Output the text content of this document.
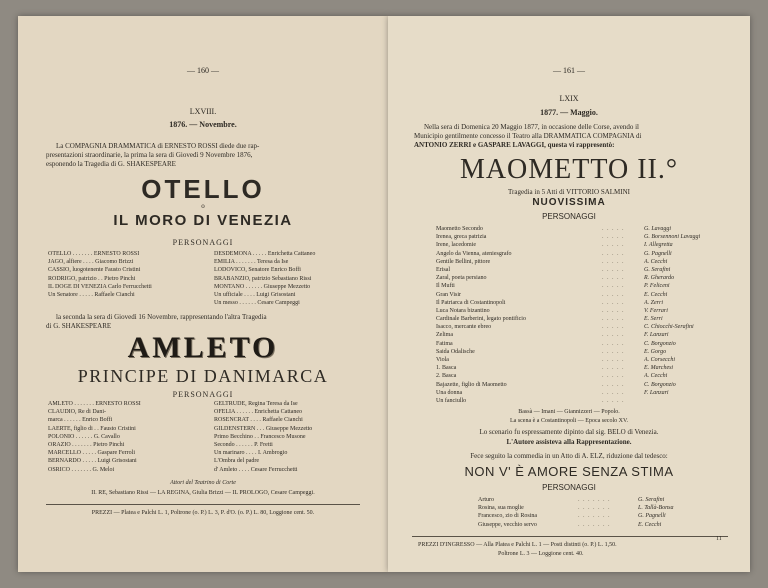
— 160 —
LXVIII.
1876. — Novembre.
La COMPAGNIA DRAMMATICA di ERNESTO ROSSI diede due rap-
presentazioni straordinarie, la prima la sera di Giovedì 9 Novembre 1876,
esponendo la Tragedia di G. SHAKESPEARE
OTELLO
o
IL MORO DI VENEZIA
PERSONAGGI
OTELLO . . . . . . . ERNESTO ROSSI
JAGO, alfiere . . . . Giacomo Brizzi
CASSIO, luogotenente Fausto Cristini
RODRIGO, patrizio . . Pietro Pinchi
IL DOGE DI VENEZIA Carlo Ferrucchetti
Un Senatore . . . . . Raffaele Cianchi
DESDEMONA . . . . . Enrichetta Cattaneo
EMILIA . . . . . . . Teresa da Ise
LODOVICO, Senatore Enrico Boffi
BRABANZIO, patrizio Sebastiano Rissi
MONTANO . . . . . . Giuseppe Mezzetto
Un ufficiale . . . . Luigi Grisostani
Un messo . . . . . . Cesare Campeggi
la seconda la sera di Giovedì 16 Novembre, rappresentando l'altra Tragedia
di G. SHAKESPEARE
AMLETO
PRINCIPE DI DANIMARCA
PERSONAGGI
AMLETO . . . . . . . ERNESTO ROSSI
CLAUDIO, Re di Dani-
marca . . . . . . Enrico Boffi
LAERTE, figlio di . . Fausto Cristini
POLONIO . . . . . . G. Cavallo
ORAZIO . . . . . . . Pietro Pinchi
MARCELLO . . . . . Gaspare Ferroli
BERNARDO . . . . . Luigi Grisostani
OSRICO . . . . . . . G. Meloi
GELTRUDE, Regina Teresa da Ise
OFELIA . . . . . . Enrichetta Cattaneo
ROSENCRAT . . . . Raffaele Cianchi
GILDENSTERN . . . Giuseppe Mezzetto
Primo Becchino . . Francesco Musone
Secondo . . . . . . P. Fretti
Un marinaro . . . . I. Ambrogio
L'Ombra del padre
d' Amleto . . . . Cesare Ferrucchetti
Attori del Teatrino di Corte
II. RE, Sebastiano Rissi — LA REGINA, Giulia Brizzi — IL PROLOGO, Cesare Campeggi.
PREZZI — Platea e Palchi L. 1, Poltrone (o. P.) L. 3, P. d'O. (o. P.) L. 80, Loggione cent. 50.
— 161 —
LXIX
1877. — Maggio.
Nella sera di Domenica 20 Maggio 1877, in occasione delle Corse, avendo il
Municipio gentilmente concesso il Teatro alla DRAMMATICA COMPAGNIA di
ANTONIO ZERRI e GASPARE LAVAGGI, questa vi rappresentò:
MAOMETTO II.°
Tragedia in 5 Atti di VITTORIO SALMINI
NUOVISSIMA
PERSONAGGI
Maometto Secondo
Irenea, greca patrizia
Irene, lacedomie
Angelo da Vienna, ateniesgrafo
Gentile Bellini, pittore
Erisal
Zaral, poeta persiano
Il Mufti
Gran Visir
Il Patriarca di Costantinopoli
Luca Notara bizantino
Cardinale Barberini, legato pontificio
Isacco, mercante ebreo
Zelima
Fatima
Saida Odalische
Viola
1. Basca
2. Basca
Bajazette, figlio di Maometto
Una donna
Un fanciullo
. . . . .
. . . . .
. . . . .
. . . . .
. . . . .
. . . . .
. . . . .
. . . . .
. . . . .
. . . . .
. . . . .
. . . . .
. . . . .
. . . . .
. . . . .
. . . . .
. . . . .
. . . . .
. . . . .
. . . . .
. . . . .
. . . . .
G. Lavaggi
G. Borsennoni Lavaggi
I. Allegretta
G. Pagnelli
A. Cecchi
G. Serafini
R. Gherardo
P. Feliceni
E. Cecchi
A. Zerri
V. Ferrari
E. Serri
C. Chiocchi-Serafini
F. Lanzari
C. Borgonzio
E. Gorgo
A. Corsecchi
E. Marchesi
A. Cecchi
C. Borgonzio
F. Lanzari
Bassà — Imani — Giannizzeri — Popolo.
La scena è a Costantinopoli — Epoca secolo XV.
Lo scenario fu espressamente dipinto dal sig. BELO di Venezia.
L'Autore assisteva alla Rappresentazione.
Fece seguito la commedia in un Atto di A. ELZ, riduzione dal tedesco:
NON V' È AMORE SENZA STIMA
PERSONAGGI
Arturo
Rosina, sua moglie
Francesco, zio di Rosina
Giuseppe, vecchio servo
. . . . . . .
. . . . . . .
. . . . . . .
. . . . . . .
G. Serafini
L. Tallà-Bonsa
G. Pagnelli
E. Cecchi
PREZZI D'INGRESSO — Alla Platea e Palchi L. 1 — Posti distinti (o. P.) L. 1,50.
Poltrone L. 3 — Loggione cent. 40.
11
